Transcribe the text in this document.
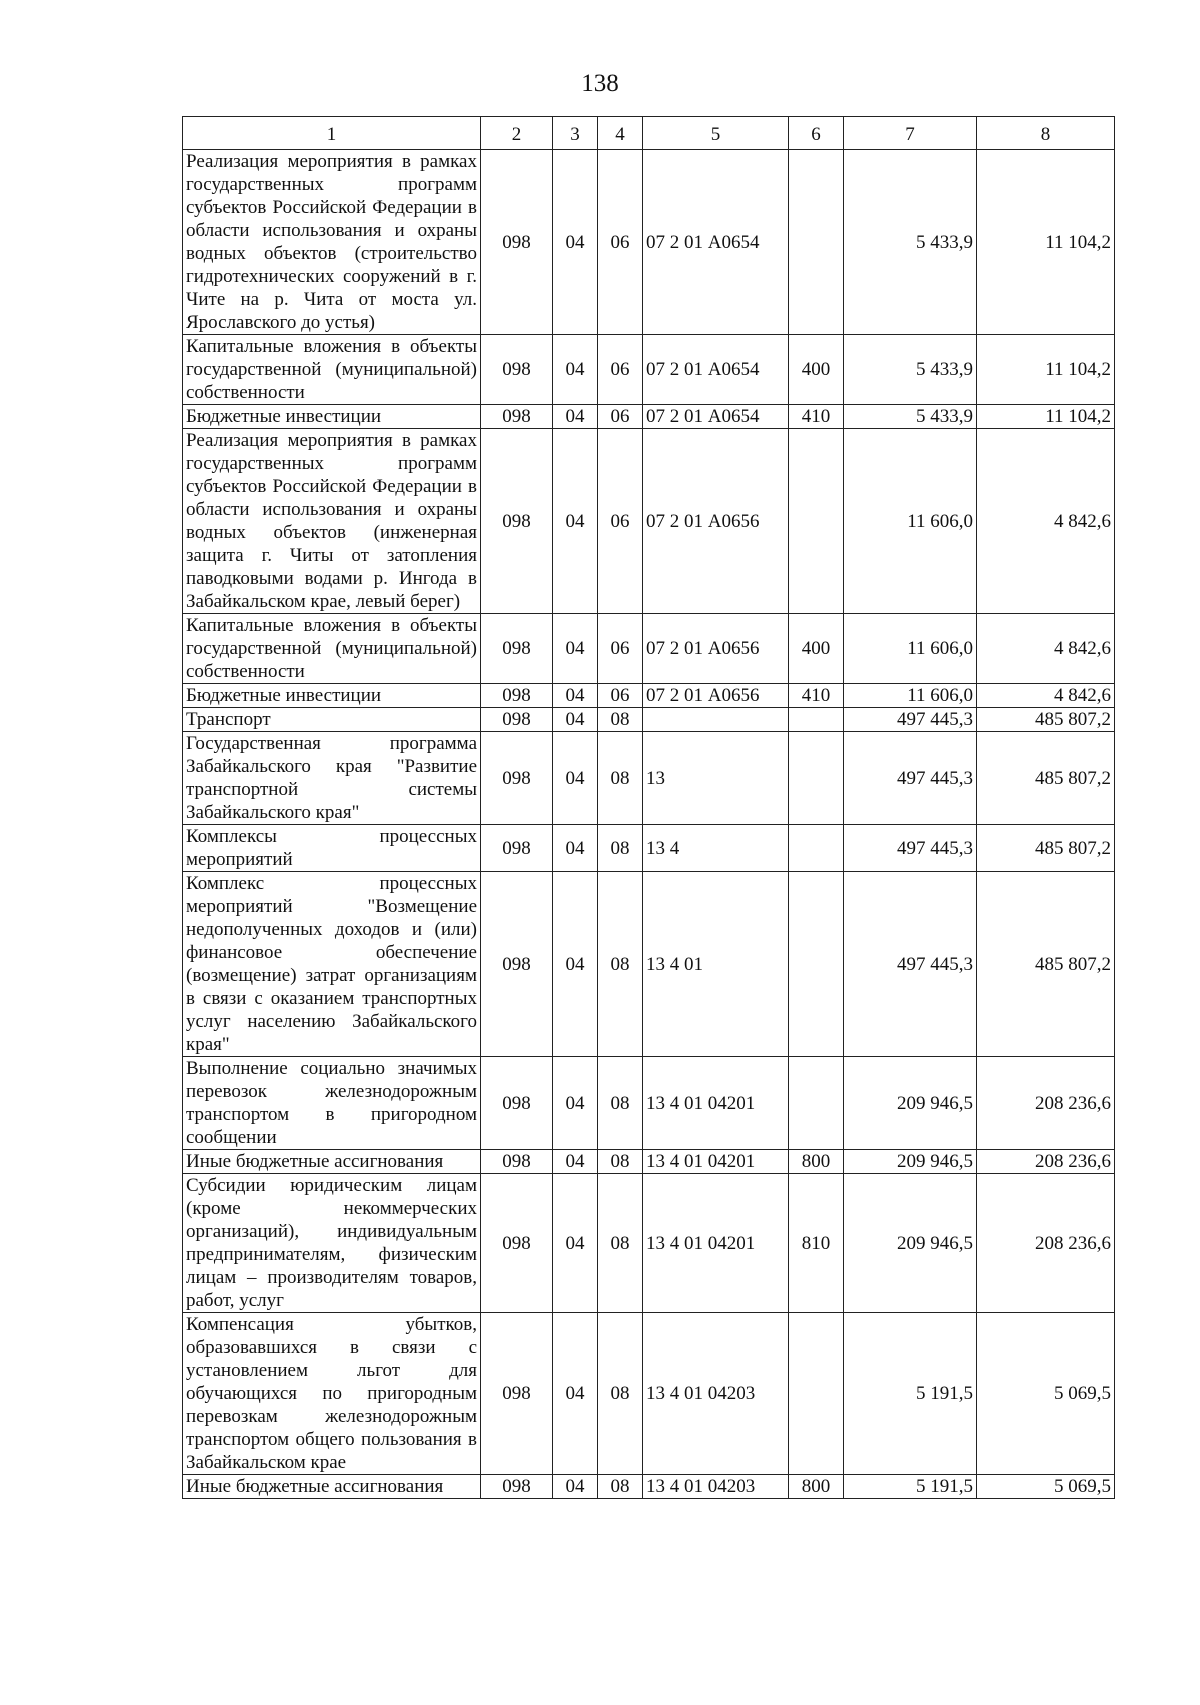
138
1	2	3	4	5	6	7	8
Реализация мероприятия в рамках государственных программ субъектов Российской Федерации в области использования и охраны водных объектов (строительство гидротехнических сооружений в г. Чите на р. Чита от моста ул. Ярославского до устья)	098	04	06	07 2 01 А0654		5 433,9	11 104,2
Капитальные вложения в объекты государственной (муниципальной) собственности	098	04	06	07 2 01 А0654	400	5 433,9	11 104,2
Бюджетные инвестиции	098	04	06	07 2 01 А0654	410	5 433,9	11 104,2
Реализация мероприятия в рамках государственных программ субъектов Российской Федерации в области использования и охраны водных объектов (инженерная защита г. Читы от затопления паводковыми водами р. Ингода в Забайкальском крае, левый берег)	098	04	06	07 2 01 А0656		11 606,0	4 842,6
Капитальные вложения в объекты государственной (муниципальной) собственности	098	04	06	07 2 01 А0656	400	11 606,0	4 842,6
Бюджетные инвестиции	098	04	06	07 2 01 А0656	410	11 606,0	4 842,6
Транспорт	098	04	08			497 445,3	485 807,2
Государственная программа Забайкальского края "Развитие транспортной системы Забайкальского края"	098	04	08	13		497 445,3	485 807,2
Комплексы процессных мероприятий	098	04	08	13 4		497 445,3	485 807,2
Комплекс процессных мероприятий "Возмещение недополученных доходов и (или) финансовое обеспечение (возмещение) затрат организациям в связи с оказанием транспортных услуг населению Забайкальского края"	098	04	08	13 4 01		497 445,3	485 807,2
Выполнение социально значимых перевозок железнодорожным транспортом в пригородном сообщении	098	04	08	13 4 01 04201		209 946,5	208 236,6
Иные бюджетные ассигнования	098	04	08	13 4 01 04201	800	209 946,5	208 236,6
Субсидии юридическим лицам (кроме некоммерческих организаций), индивидуальным предпринимателям, физическим лицам – производителям товаров, работ, услуг	098	04	08	13 4 01 04201	810	209 946,5	208 236,6
Компенсация убытков, образовавшихся в связи с установлением льгот для обучающихся по пригородным перевозкам железнодорожным транспортом общего пользования в Забайкальском крае	098	04	08	13 4 01 04203		5 191,5	5 069,5
Иные бюджетные ассигнования	098	04	08	13 4 01 04203	800	5 191,5	5 069,5
